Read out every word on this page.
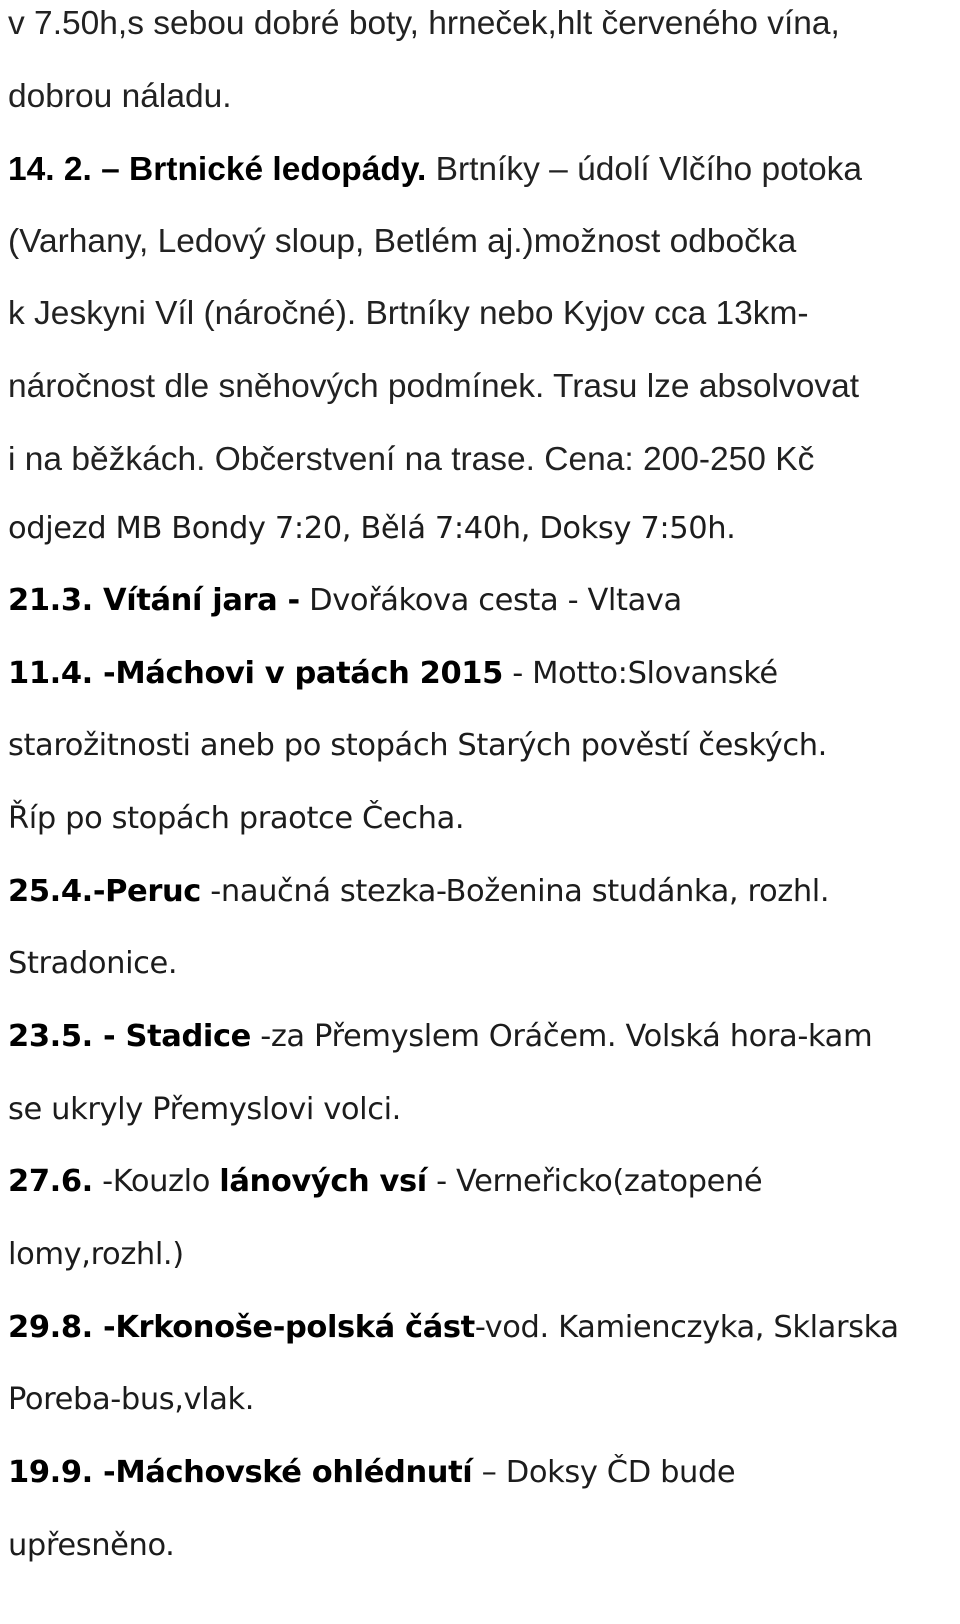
v 7.50h,s sebou dobré boty, hrneček,hlt červeného vína,
dobrou náladu.
14. 2. – Brtnické ledopády. Brtníky – údolí Vlčího potoka
(Varhany, Ledový sloup, Betlém aj.)možnost odbočka
k Jeskyni Víl (náročné). Brtníky nebo Kyjov cca 13km-
náročnost dle sněhových podmínek. Trasu lze absolvovat
i na běžkách. Občerstvení na trase. Cena: 200-250 Kč
odjezd MB Bondy 7:20, Bělá 7:40h, Doksy 7:50h.
21.3. Vítání jara - Dvořákova cesta - Vltava
11.4. -Máchovi v patách 2015 - Motto:Slovanské
starožitnosti aneb po stopách Starých pověstí českých.
Říp po stopách praotce Čecha.
25.4.-Peruc -naučná stezka-Boženina studánka, rozhl.
Stradonice.
23.5. - Stadice -za Přemyslem Oráčem. Volská hora-kam
se ukryly Přemyslovi volci.
27.6. -Kouzlo lánových vsí - Verneřicko(zatopené
lomy,rozhl.)
29.8. -Krkonoše-polská část-vod. Kamienczyka, Sklarska
Poreba-bus,vlak.
19.9. -Máchovské ohlédnutí – Doksy ČD bude
upřesněno.
